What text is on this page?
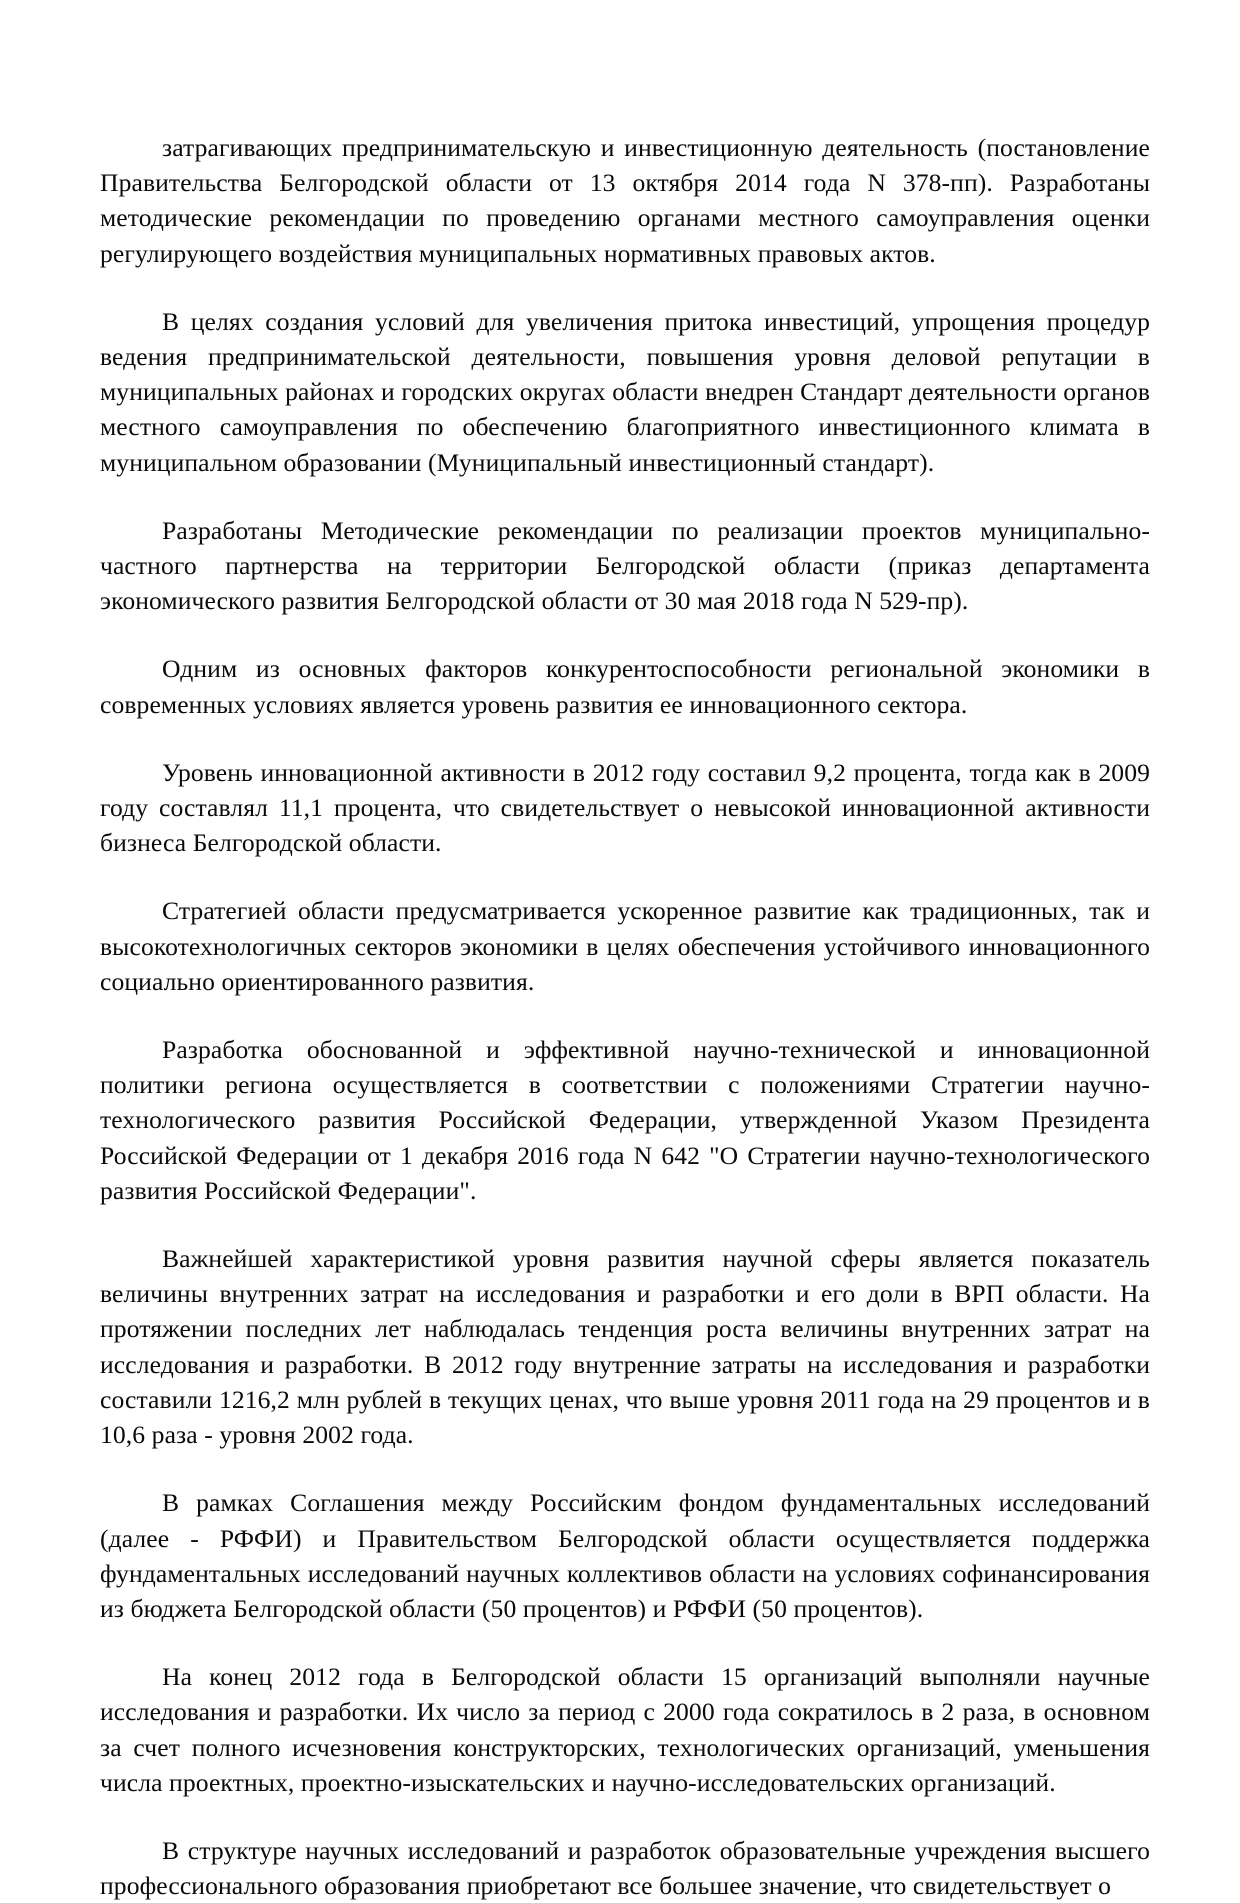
затрагивающих предпринимательскую и инвестиционную деятельность (постановление Правительства Белгородской области от 13 октября 2014 года N 378-пп). Разработаны методические рекомендации по проведению органами местного самоуправления оценки регулирующего воздействия муниципальных нормативных правовых актов.

В целях создания условий для увеличения притока инвестиций, упрощения процедур ведения предпринимательской деятельности, повышения уровня деловой репутации в муниципальных районах и городских округах области внедрен Стандарт деятельности органов местного самоуправления по обеспечению благоприятного инвестиционного климата в муниципальном образовании (Муниципальный инвестиционный стандарт).

Разработаны Методические рекомендации по реализации проектов муниципально-частного партнерства на территории Белгородской области (приказ департамента экономического развития Белгородской области от 30 мая 2018 года N 529-пр).

Одним из основных факторов конкурентоспособности региональной экономики в современных условиях является уровень развития ее инновационного сектора.

Уровень инновационной активности в 2012 году составил 9,2 процента, тогда как в 2009 году составлял 11,1 процента, что свидетельствует о невысокой инновационной активности бизнеса Белгородской области.

Стратегией области предусматривается ускоренное развитие как традиционных, так и высокотехнологичных секторов экономики в целях обеспечения устойчивого инновационного социально ориентированного развития.

Разработка обоснованной и эффективной научно-технической и инновационной политики региона осуществляется в соответствии с положениями Стратегии научно-технологического развития Российской Федерации, утвержденной Указом Президента Российской Федерации от 1 декабря 2016 года N 642 "О Стратегии научно-технологического развития Российской Федерации".

Важнейшей характеристикой уровня развития научной сферы является показатель величины внутренних затрат на исследования и разработки и его доли в ВРП области. На протяжении последних лет наблюдалась тенденция роста величины внутренних затрат на исследования и разработки. В 2012 году внутренние затраты на исследования и разработки составили 1216,2 млн рублей в текущих ценах, что выше уровня 2011 года на 29 процентов и в 10,6 раза - уровня 2002 года.

В рамках Соглашения между Российским фондом фундаментальных исследований (далее - РФФИ) и Правительством Белгородской области осуществляется поддержка фундаментальных исследований научных коллективов области на условиях софинансирования из бюджета Белгородской области (50 процентов) и РФФИ (50 процентов).

На конец 2012 года в Белгородской области 15 организаций выполняли научные исследования и разработки. Их число за период с 2000 года сократилось в 2 раза, в основном за счет полного исчезновения конструкторских, технологических организаций, уменьшения числа проектных, проектно-изыскательских и научно-исследовательских организаций.

В структуре научных исследований и разработок образовательные учреждения высшего профессионального образования приобретают все большее значение, что свидетельствует о
